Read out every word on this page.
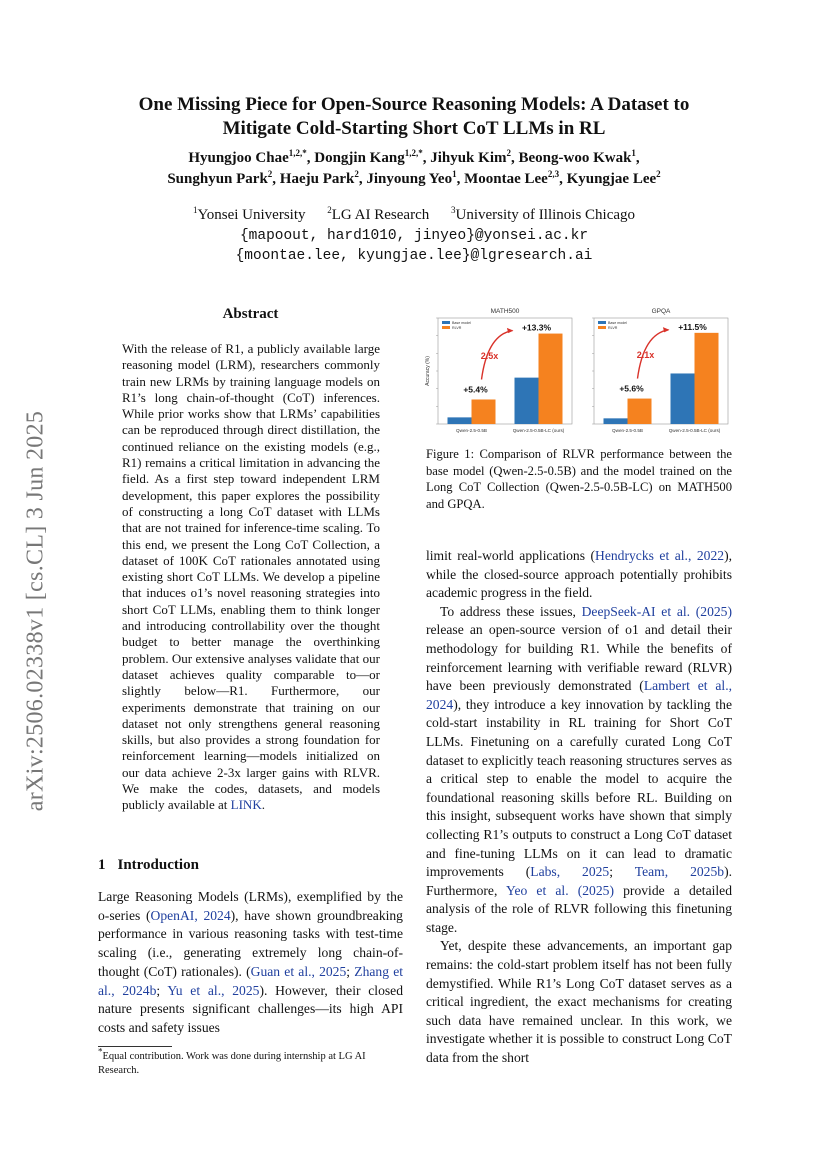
One Missing Piece for Open-Source Reasoning Models: A Dataset to
Mitigate Cold-Starting Short CoT LLMs in RL
Hyungjoo Chae$^{1,2,*}$, Dongjin Kang$^{1,2,*}$, Jihyuk Kim$^2$, Beong-woo Kwak$^1$,
Sunghyun Park$^2$, Haeju Park$^2$, Jinyoung Yeo$^1$, Moontae Lee$^{2,3}$, Kyungjae Lee$^2$
$^1$Yonsei University $^2$LG AI Research $^3$University of Illinois Chicago
{mapoout, hard1010, jinyeo}@yonsei.ac.kr
{moontae.lee, kyungjae.lee}@lgresearch.ai
arXiv:2506.02338v1 [cs.CL] 3 Jun 2025
Abstract
With the release of R1, a publicly available large reasoning model (LRM), researchers commonly train new LRMs by training language models on R1’s long chain-of-thought (CoT) inferences. While prior works show that LRMs’ capabilities can be reproduced through direct distillation, the continued reliance on the existing models (e.g., R1) remains a critical limitation in advancing the field. As a first step toward independent LRM development, this paper explores the possibility of constructing a long CoT dataset with LLMs that are not trained for inference-time scaling. To this end, we present the Long CoT Collection, a dataset of 100K CoT rationales annotated using existing short CoT LLMs. We develop a pipeline that induces o1’s novel reasoning strategies into short CoT LLMs, enabling them to think longer and introducing controllability over the thought budget to better manage the overthinking problem. Our extensive analyses validate that our dataset achieves quality comparable to—or slightly below—R1. Furthermore, our experiments demonstrate that training on our dataset not only strengthens general reasoning skills, but also provides a strong foundation for reinforcement learning—models initialized on our data achieve 2-3x larger gains with RLVR. We make the codes, datasets, and models publicly available at LINK.
1 Introduction

Large Reasoning Models (LRMs), exemplified by the o-series (OpenAI, 2024), have shown groundbreaking performance in various reasoning tasks with test-time scaling (i.e., generating extremely long chain-of-thought (CoT) rationales). (Guan et al., 2025; Zhang et al., 2024b; Yu et al., 2025). However, their closed nature presents significant challenges—its high API costs and safety issues

*Equal contribution. Work was done during internship at LG AI Research.
MATH500
Accuracy (%)
Qwen-2.5-0.5B	Qwen-2.5-0.5B-LC (ours)
+5.4%
+13.3%
2.5x
Base model
RLVR
GPQA
Qwen-2.5-0.5B	Qwen-2.5-0.5B-LC (ours)
+5.6%
+11.5%
2.1x
Base model
RLVR
Figure 1: Comparison of RLVR performance between the base model (Qwen-2.5-0.5B) and the model trained on the Long CoT Collection (Qwen-2.5-0.5B-LC) on MATH500 and GPQA.

limit real-world applications (Hendrycks et al., 2022), while the closed-source approach potentially prohibits academic progress in the field.

To address these issues, DeepSeek-AI et al. (2025) release an open-source version of o1 and detail their methodology for building R1. While the benefits of reinforcement learning with verifiable reward (RLVR) have been previously demonstrated (Lambert et al., 2024), they introduce a key innovation by tackling the cold-start instability in RL training for Short CoT LLMs. Finetuning on a carefully curated Long CoT dataset to explicitly teach reasoning structures serves as a critical step to enable the model to acquire the foundational reasoning skills before RL. Building on this insight, subsequent works have shown that simply collecting R1’s outputs to construct a Long CoT dataset and fine-tuning LLMs on it can lead to dramatic improvements (Labs, 2025; Team, 2025b). Furthermore, Yeo et al. (2025) provide a detailed analysis of the role of RLVR following this finetuning stage.

Yet, despite these advancements, an important gap remains: the cold-start problem itself has not been fully demystified. While R1’s Long CoT dataset serves as a critical ingredient, the exact mechanisms for creating such data have remained unclear. In this work, we investigate whether it is possible to construct Long CoT data from the short
